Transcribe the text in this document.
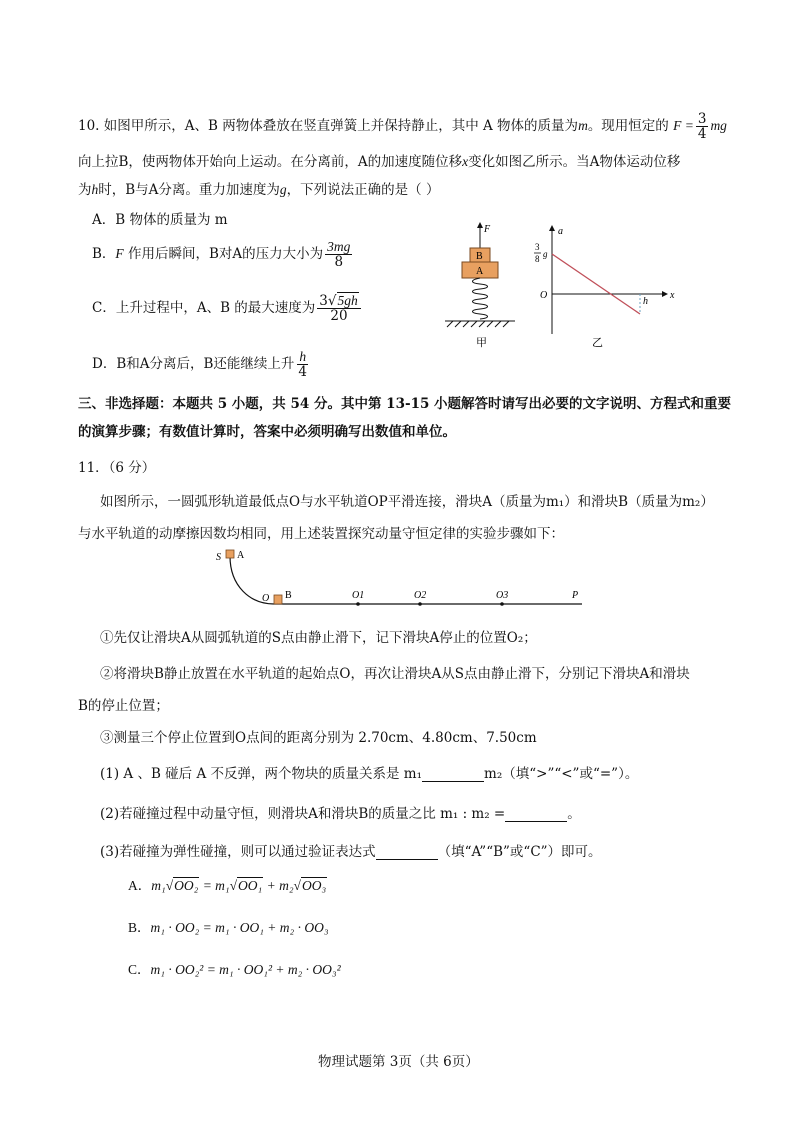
10. 如图甲所示，A、B 两物体叠放在竖直弹簧上并保持静止，其中 A 物体的质量为m。现用恒定的 $F = \frac{3}{4}$ mg
向上拉B，使两物体开始向上运动。在分离前，A的加速度随位移x变化如图乙所示。当A物体运动位移
为h时，B与A分离。重力加速度为g，下列说法正确的是（ ）
A．B 物体的质量为 m
B．F 作用后瞬间，B对A的压力大小为 $\frac{3mg}{8}$
C．上升过程中，A、B 的最大速度为 $\frac{3√5gh}{20}$
D．B和A分离后，B还能继续上升 $\frac{h}{4}$
F
B
A
甲
a
x
O
3
8 g
h
乙
三、非选择题：本题共 5 小题，共 54 分。其中第 13-15 小题解答时请写出必要的文字说明、方程式和重要
的演算步骤；有数值计算时，答案中必须明确写出数值和单位。
11．（6 分）
如图所示，一圆弧形轨道最低点O与水平轨道OP平滑连接，滑块A（质量为m₁）和滑块B（质量为m₂）
与水平轨道的动摩擦因数均相同，用上述装置探究动量守恒定律的实验步骤如下：
S A
O B	O1	O2	O3	P
①先仅让滑块A从圆弧轨道的S点由静止滑下，记下滑块A停止的位置O₂；
②将滑块B静止放置在水平轨道的起始点O，再次让滑块A从S点由静止滑下，分别记下滑块A和滑块
B的停止位置；
③测量三个停止位置到O点间的距离分别为 2.70cm、4.80cm、7.50cm
(1) A 、B 碰后 A 不反弹，两个物块的质量关系是 m₁	m₂（填“>”“<”或“=”）。
(2)若碰撞过程中动量守恒，则滑块A和滑块B的质量之比 m₁ : m₂ =	。
(3)若碰撞为弹性碰撞，则可以通过验证表达式	（填“A”“B”或“C”）即可。
A．m₁√OO₂ = m₁√OO₁ + m₂√OO₃
B．m₁ · OO₂ = m₁ · OO₁ + m₂ · OO₃
C．m₁ · OO₂² = m₁ · OO₁² + m₂ · OO₃²
物理试题第 3页（共 6页）
